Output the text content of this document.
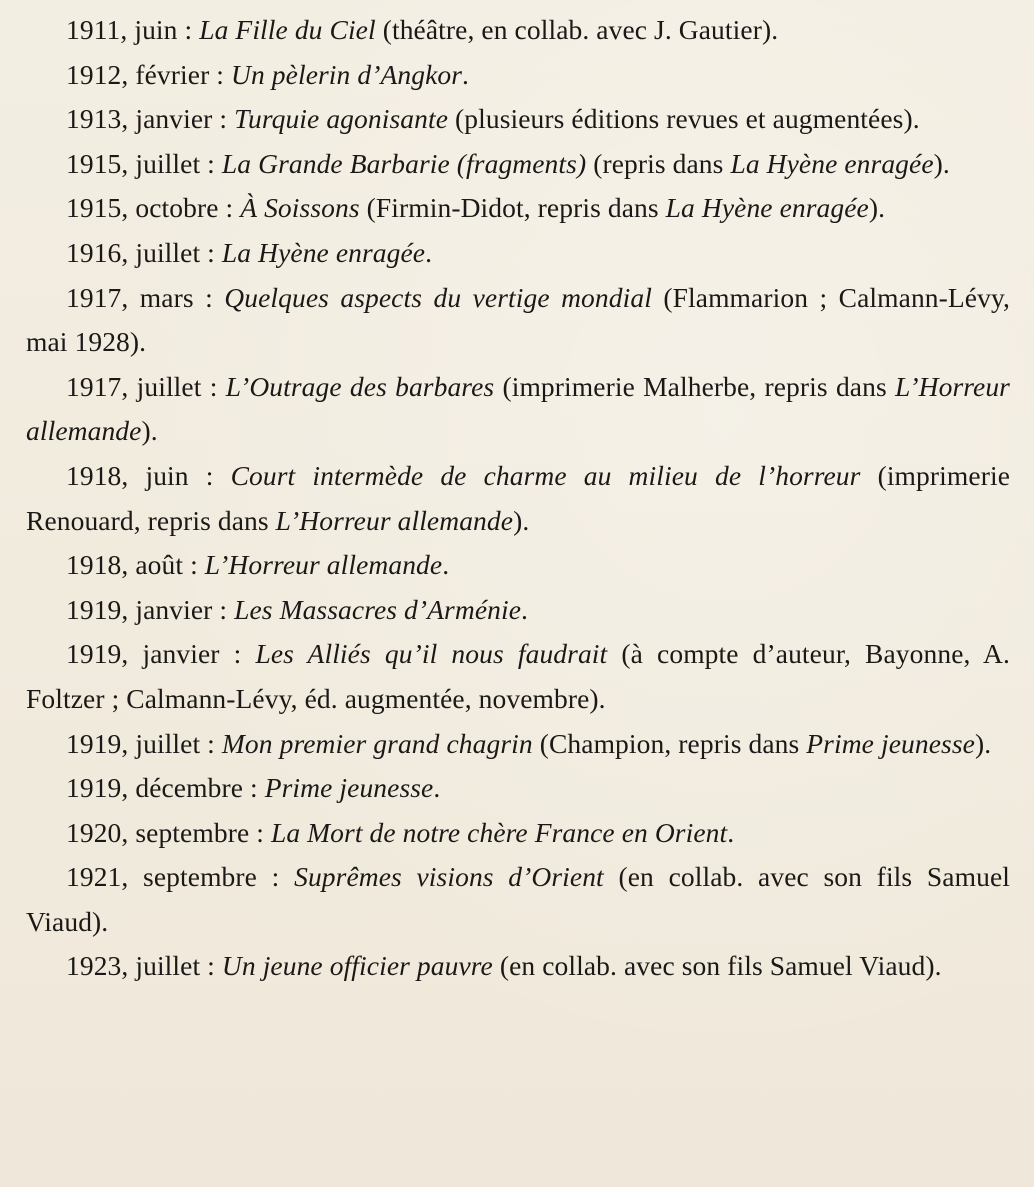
1911, juin : La Fille du Ciel (théâtre, en collab. avec J. Gautier).

1912, février : Un pèlerin d’Angkor.

1913, janvier : Turquie agonisante (plusieurs éditions revues et augmentées).

1915, juillet : La Grande Barbarie (fragments) (repris dans La Hyène enragée).

1915, octobre : À Soissons (Firmin-Didot, repris dans La Hyène enragée).

1916, juillet : La Hyène enragée.

1917, mars : Quelques aspects du vertige mondial (Flammarion ; Calmann-Lévy, mai 1928).

1917, juillet : L’Outrage des barbares (imprimerie Malherbe, repris dans L’Horreur allemande).

1918, juin : Court intermède de charme au milieu de l’horreur (imprimerie Renouard, repris dans L’Horreur allemande).

1918, août : L’Horreur allemande.

1919, janvier : Les Massacres d’Arménie.

1919, janvier : Les Alliés qu’il nous faudrait (à compte d’auteur, Bayonne, A. Foltzer ; Calmann-Lévy, éd. augmentée, novembre).

1919, juillet : Mon premier grand chagrin (Champion, repris dans Prime jeunesse).

1919, décembre : Prime jeunesse.

1920, septembre : La Mort de notre chère France en Orient.

1921, septembre : Suprêmes visions d’Orient (en collab. avec son fils Samuel Viaud).

1923, juillet : Un jeune officier pauvre (en collab. avec son fils Samuel Viaud).
